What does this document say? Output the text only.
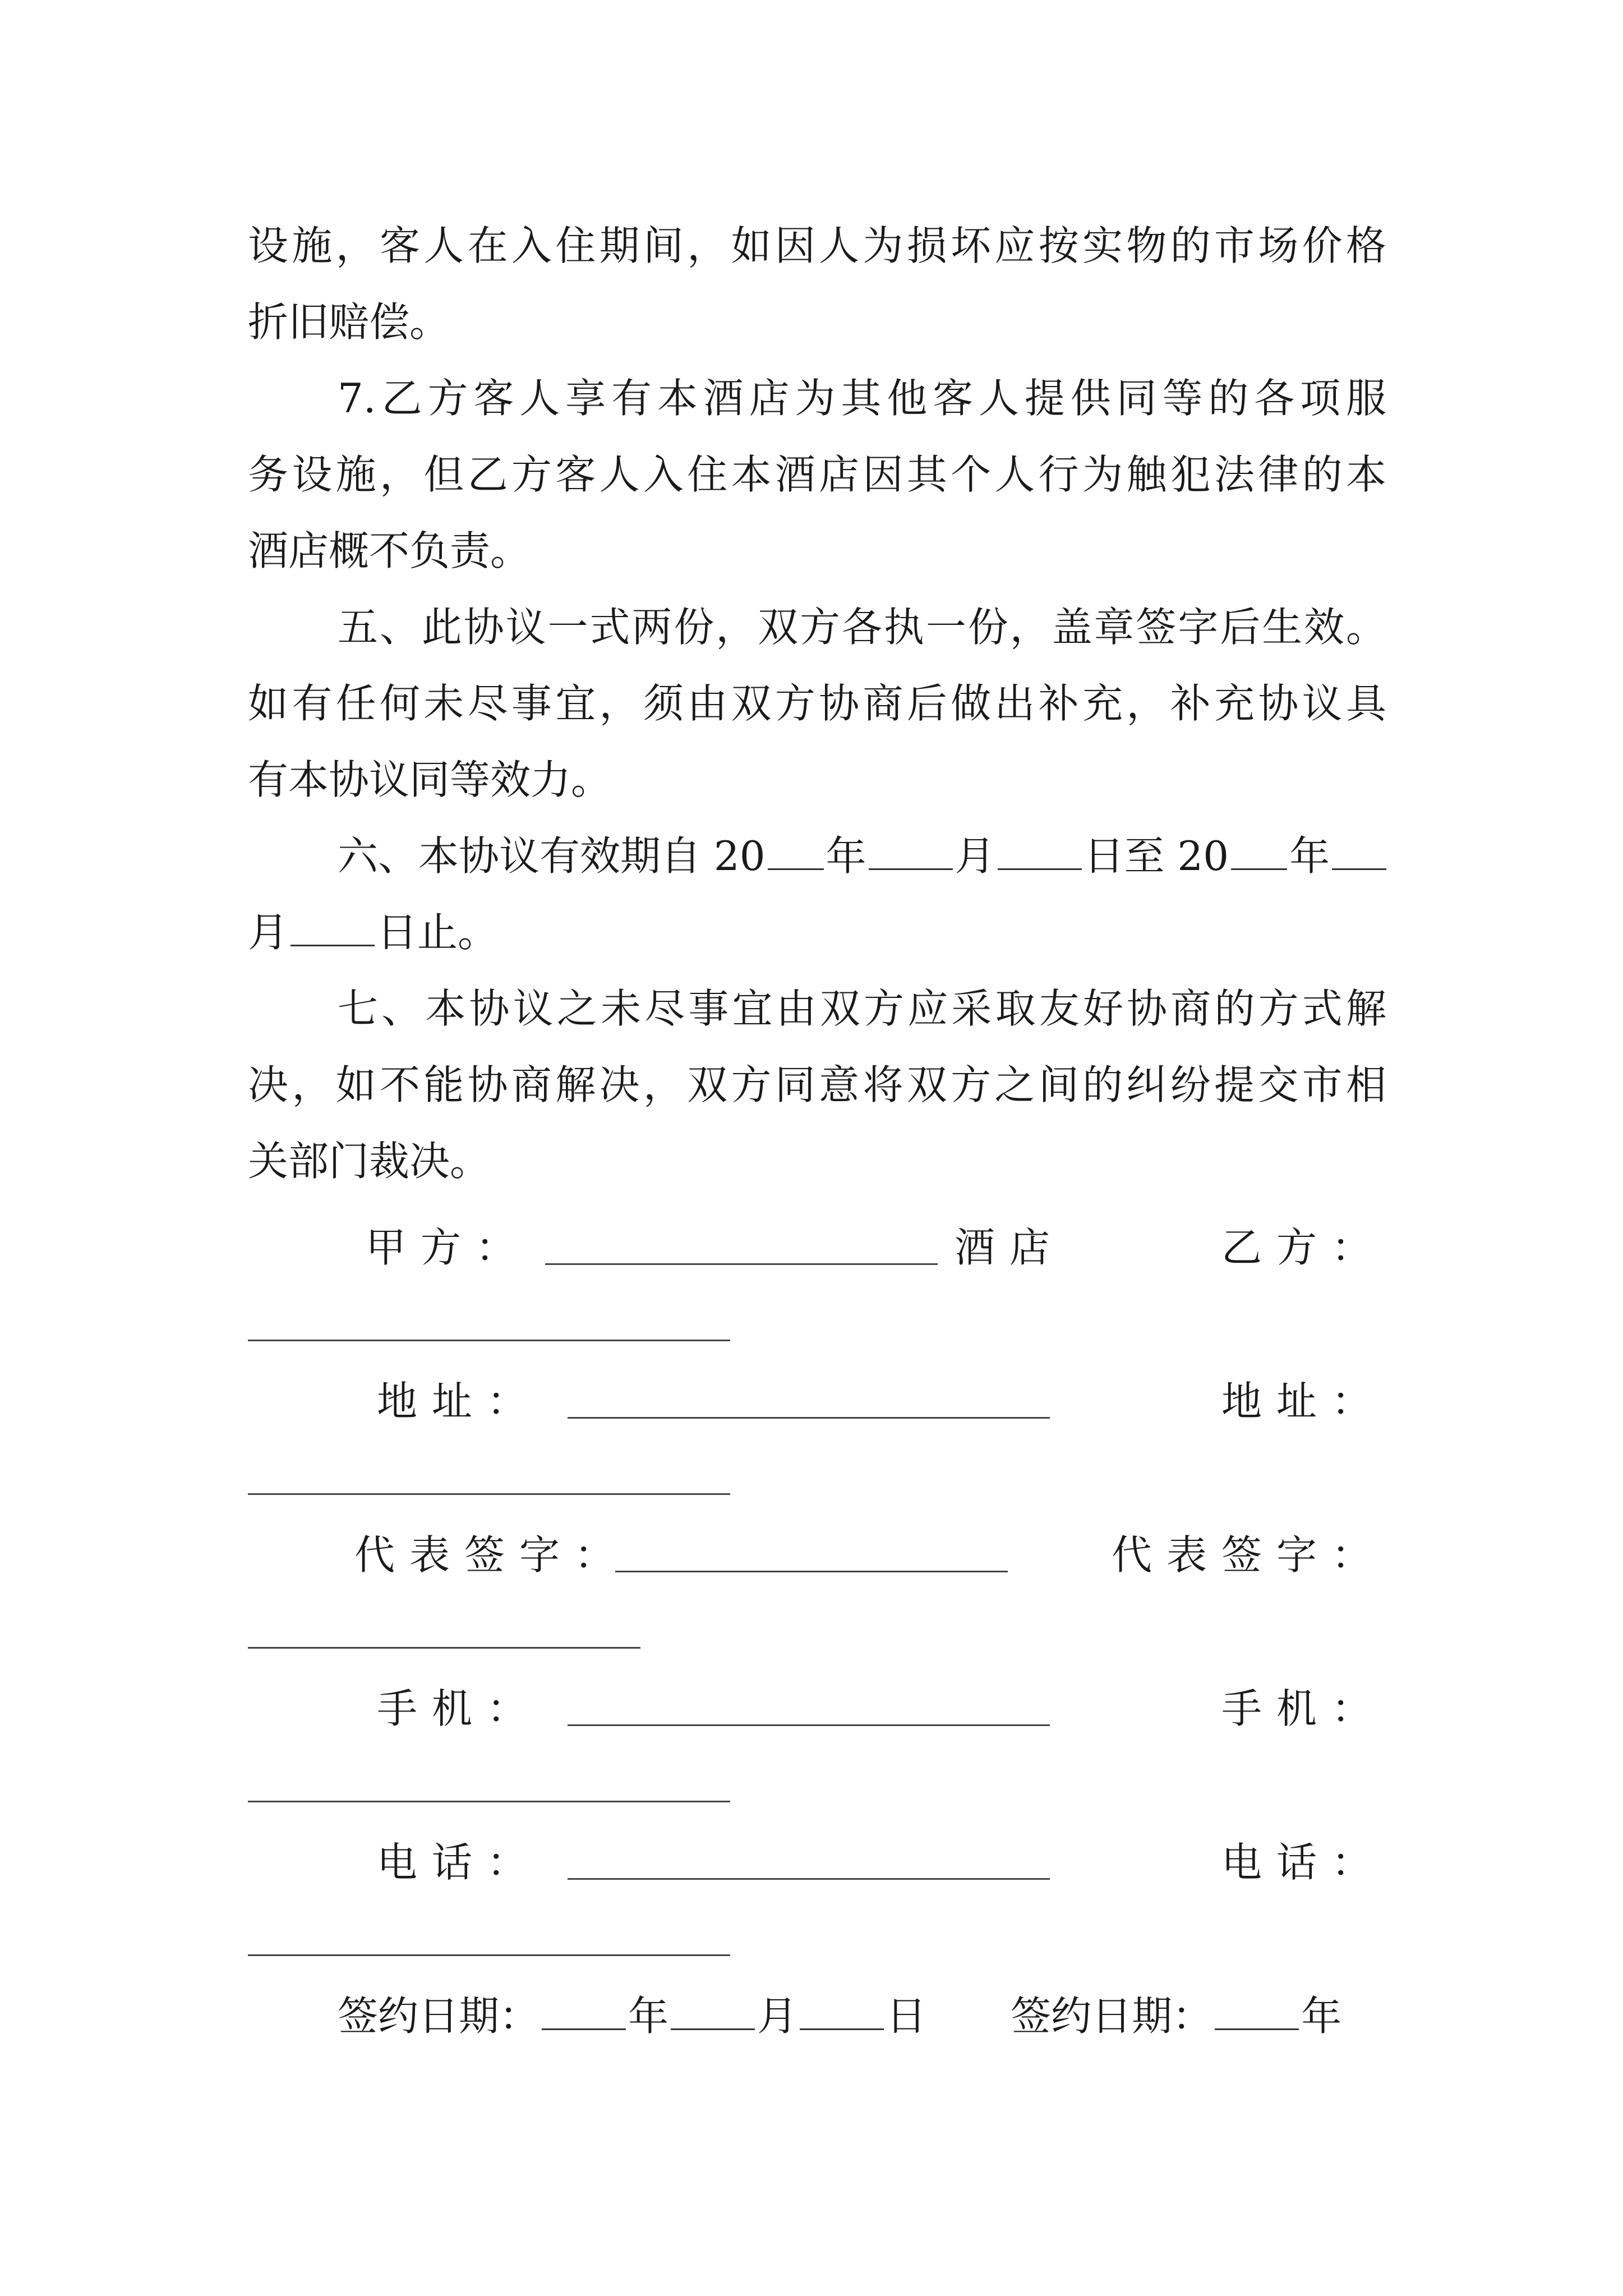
设施，客人在入住期间，如因人为损坏应按实物的市场价格
折旧赔偿。
7.乙方客人享有本酒店为其他客人提供同等的各项服
务设施，但乙方客人入住本酒店因其个人行为触犯法律的本
酒店概不负责。
五、此协议一式两份，双方各执一份，盖章签字后生效。
如有任何未尽事宜，须由双方协商后做出补充，补充协议具
有本协议同等效力。
六、本协议有效期自 20 年 月 日至 20 年
月 日止。
七、本协议之未尽事宜由双方应采取友好协商的方式解
决，如不能协商解决，双方同意将双方之间的纠纷提交市相
关部门裁决。
甲方：	酒店	乙方：
地址：	地址：
代表签字：	代表签字：
手机：	手机：
电话：	电话：
签约日期： 年 月 日 签约日期： 年
